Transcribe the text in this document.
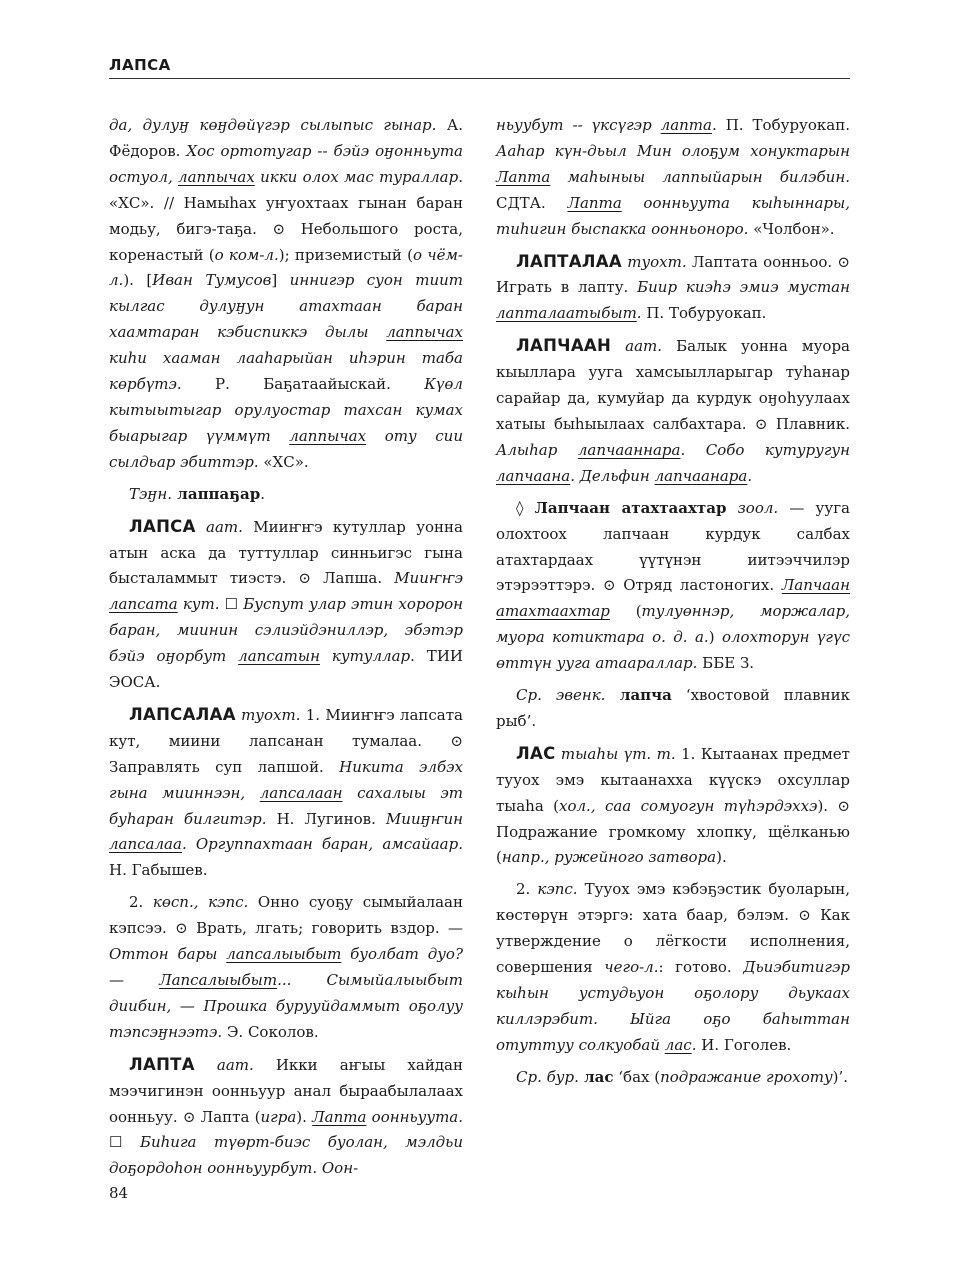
ЛАПСА

да, дулуӈ көӈдөйүгэр сылыпыс гынар. А. Фёдоров. Хос ортотугар -- бэйэ оӈонньута остуол, лаппычах икки олох мас тураллар. «ХС». // Намыһах уҥуохтаах гынан баран модьу, бигэ-таҕа. ⊙ Небольшого роста, коренастый (о ком-л.); приземистый (о чём-л.). [Иван Тумусов] иннигэр суон тиит кылгас дулуӈун атахтаан баран хаамтаран кэбиспиккэ дылы лаппычах киһи хааман лааһарыйан иһэрин таба көрбүтэ. Р. Баҕатаайыскай. Күөл кытыытыгар орулуостар тахсан кумах быарыгар үүммүт лаппычах оту сии сылдьар эбиттэр. «ХС».

Тэӈн. лаппаҕар.

ЛАПСА аат. Мииҥҥэ кутуллар уонна атын аска да туттуллар синньигэс гына бысталаммыт тиэстэ. ⊙ Лапша. Мииҥҥэ лапсата кут. ☐ Буспут улар этин хоророн баран, миинин сэлиэйдэниллэр, эбэтэр бэйэ оӈорбут лапсатын кутуллар. ТИИ ЭОСА.

ЛАПСАЛАА туохт. 1. Мииҥҥэ лапсата кут, миини лапсанан тумалаа. ⊙ Заправлять суп лапшой. Никита элбэх гына мииннээн, лапсалаан сахалыы эт буһаран билгитэр. Н. Лугинов. Мииӈҥин лапсалаа. Оргуппахтаан баран, амсайаар. Н. Габышев.

2. көсп., кэпс. Онно суоҕу сымыйалаан кэпсээ. ⊙ Врать, лгать; говорить вздор. — Оттон бары лапсалыыбыт буолбат дуо? — Лапсалыыбыт... Сымыйалыыбыт диибин, — Прошка бурууйдаммыт оҕолуу тэпсэӈнээтэ. Э. Соколов.

ЛАПТА аат. Икки аҥыы хайдан мээчигинэн оонньуур анал быраабылалаах оонньуу. ⊙ Лапта (игра). Лапта оонньуута. ☐ Биһигa түөрт-биэс буолан, мэлдьи доҕордоһон оонньуурбут. Оон-

ньуубут -- үксүгэр лапта. П. Тобуруокап. Ааһар күн-дьыл Мин олоҕум хонуктарын Лапта маһыныы лаппыйарын билэбин. СДТА. Лапта оонньуута кыһыннары, тиһигин быспакка оонньоноро. «Чолбон».

ЛАПТАЛАА туохт. Лаптата оонньоо. ⊙ Играть в лапту. Биир киэһэ эмиэ мустан лапталаатыбыт. П. Тобуруокап.

ЛАПЧААН аат. Балык уонна муора кыыллара ууга хамсыылларыгар туһанар сарайар да, кумуйар да курдук оӈоһуулаах хатыы быһыылаах салбахтара. ⊙ Плавник. Алыһар лапчааннара. Собо кутуругун лапчаана. Дельфин лапчаанара.

◊ Лапчаан атахтаахтар зоол. — ууга олохтоох лапчаан курдук салбах атахтардаах үүтүнэн иитээччилэр этэрээттэрэ. ⊙ Отряд ластоногих. Лапчаан атахтаахтар (тулуөннэр, моржалар, муора котиктара о. д. а.) олохторун үгүс өттүн ууга атаараллар. ББЕ З.

Ср. эвенк. лапча ‘хвостовой плавник рыб’.

ЛАС тыаһы үт. т. 1. Кытаанах предмет тууох эмэ кытаанахха күүскэ охсуллар тыаһа (хол., саа сомуогун түһэрдэххэ). ⊙ Подражание громкому хлопку, щёлканью (напр., ружейного затвора).

2. кэпс. Тууох эмэ кэбэҕэстик буоларын, көстөрүн этэргэ: хата баар, бэлэм. ⊙ Как утверждение о лёгкости исполнения, совершения чего-л.: готово. Дьиэбитигэр кыһын устудьуон оҕолору дьукаах киллэрэбит. Ыйга оҕо баһыттан отуттуу солкуобай лас. И. Гоголев.

Ср. бур. лас ‘бах (подражание грохоту)’.

84
